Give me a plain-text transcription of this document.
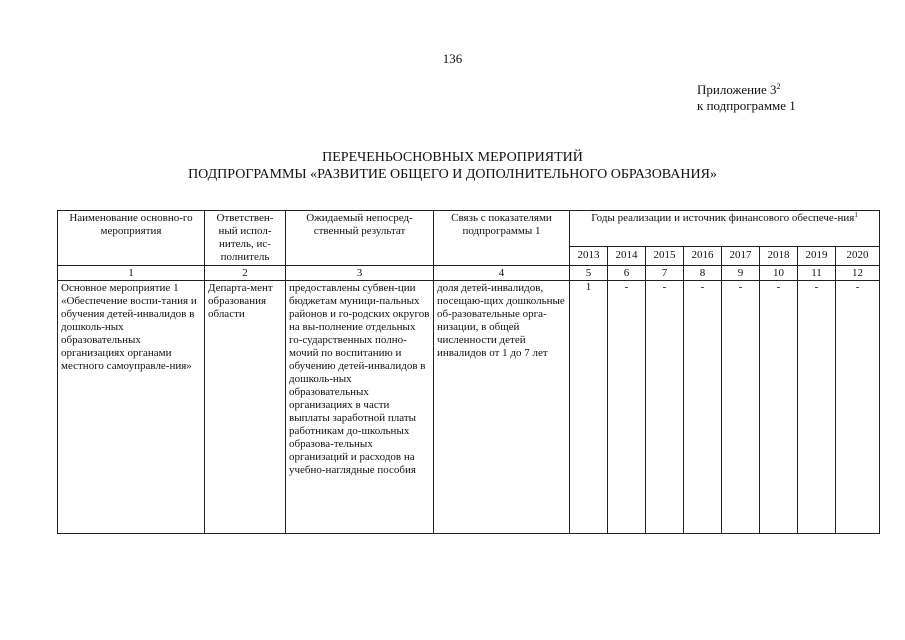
136
Приложение $3^2$
к подпрограмме 1
ПЕРЕЧЕНЬОСНОВНЫХ МЕРОПРИЯТИЙ
ПОДПРОГРАММЫ «РАЗВИТИЕ ОБЩЕГО И ДОПОЛНИТЕЛЬНОГО ОБРАЗОВАНИЯ»
Наименование основно-го мероприятия	Ответствен-ный испол-нитель, ис-полнитель	Ожидаемый непосред-ственный результат	Связь с показателями подпрограммы 1	Годы реализации и источник финансового обеспече-ния$^1$
				2013	2014	2015	2016	2017	2018	2019	2020
1	2	3	4	5	6	7	8	9	10	11	12
Основное мероприятие 1 «Обеспечение воспи-тания и обучения детей-инвалидов в дошколь-ных образовательных организациях органами местного самоуправле-ния»	Департа-мент образования области	предоставлены субвен-ции бюджетам муници-пальных районов и го-родских округов на вы-полнение отдельных го-сударственных полно-мочий по воспитанию и обучению детей-инвалидов в дошколь-ных образовательных организациях в части выплаты заработной платы работникам до-школьных образова-тельных организаций и расходов на учебно-наглядные пособия	доля детей-инвалидов, посещаю-щих дошкольные об-разовательные орга-низации, в общей численности детей инвалидов от 1 до 7 лет	1	-	-	-	-	-	-	-
